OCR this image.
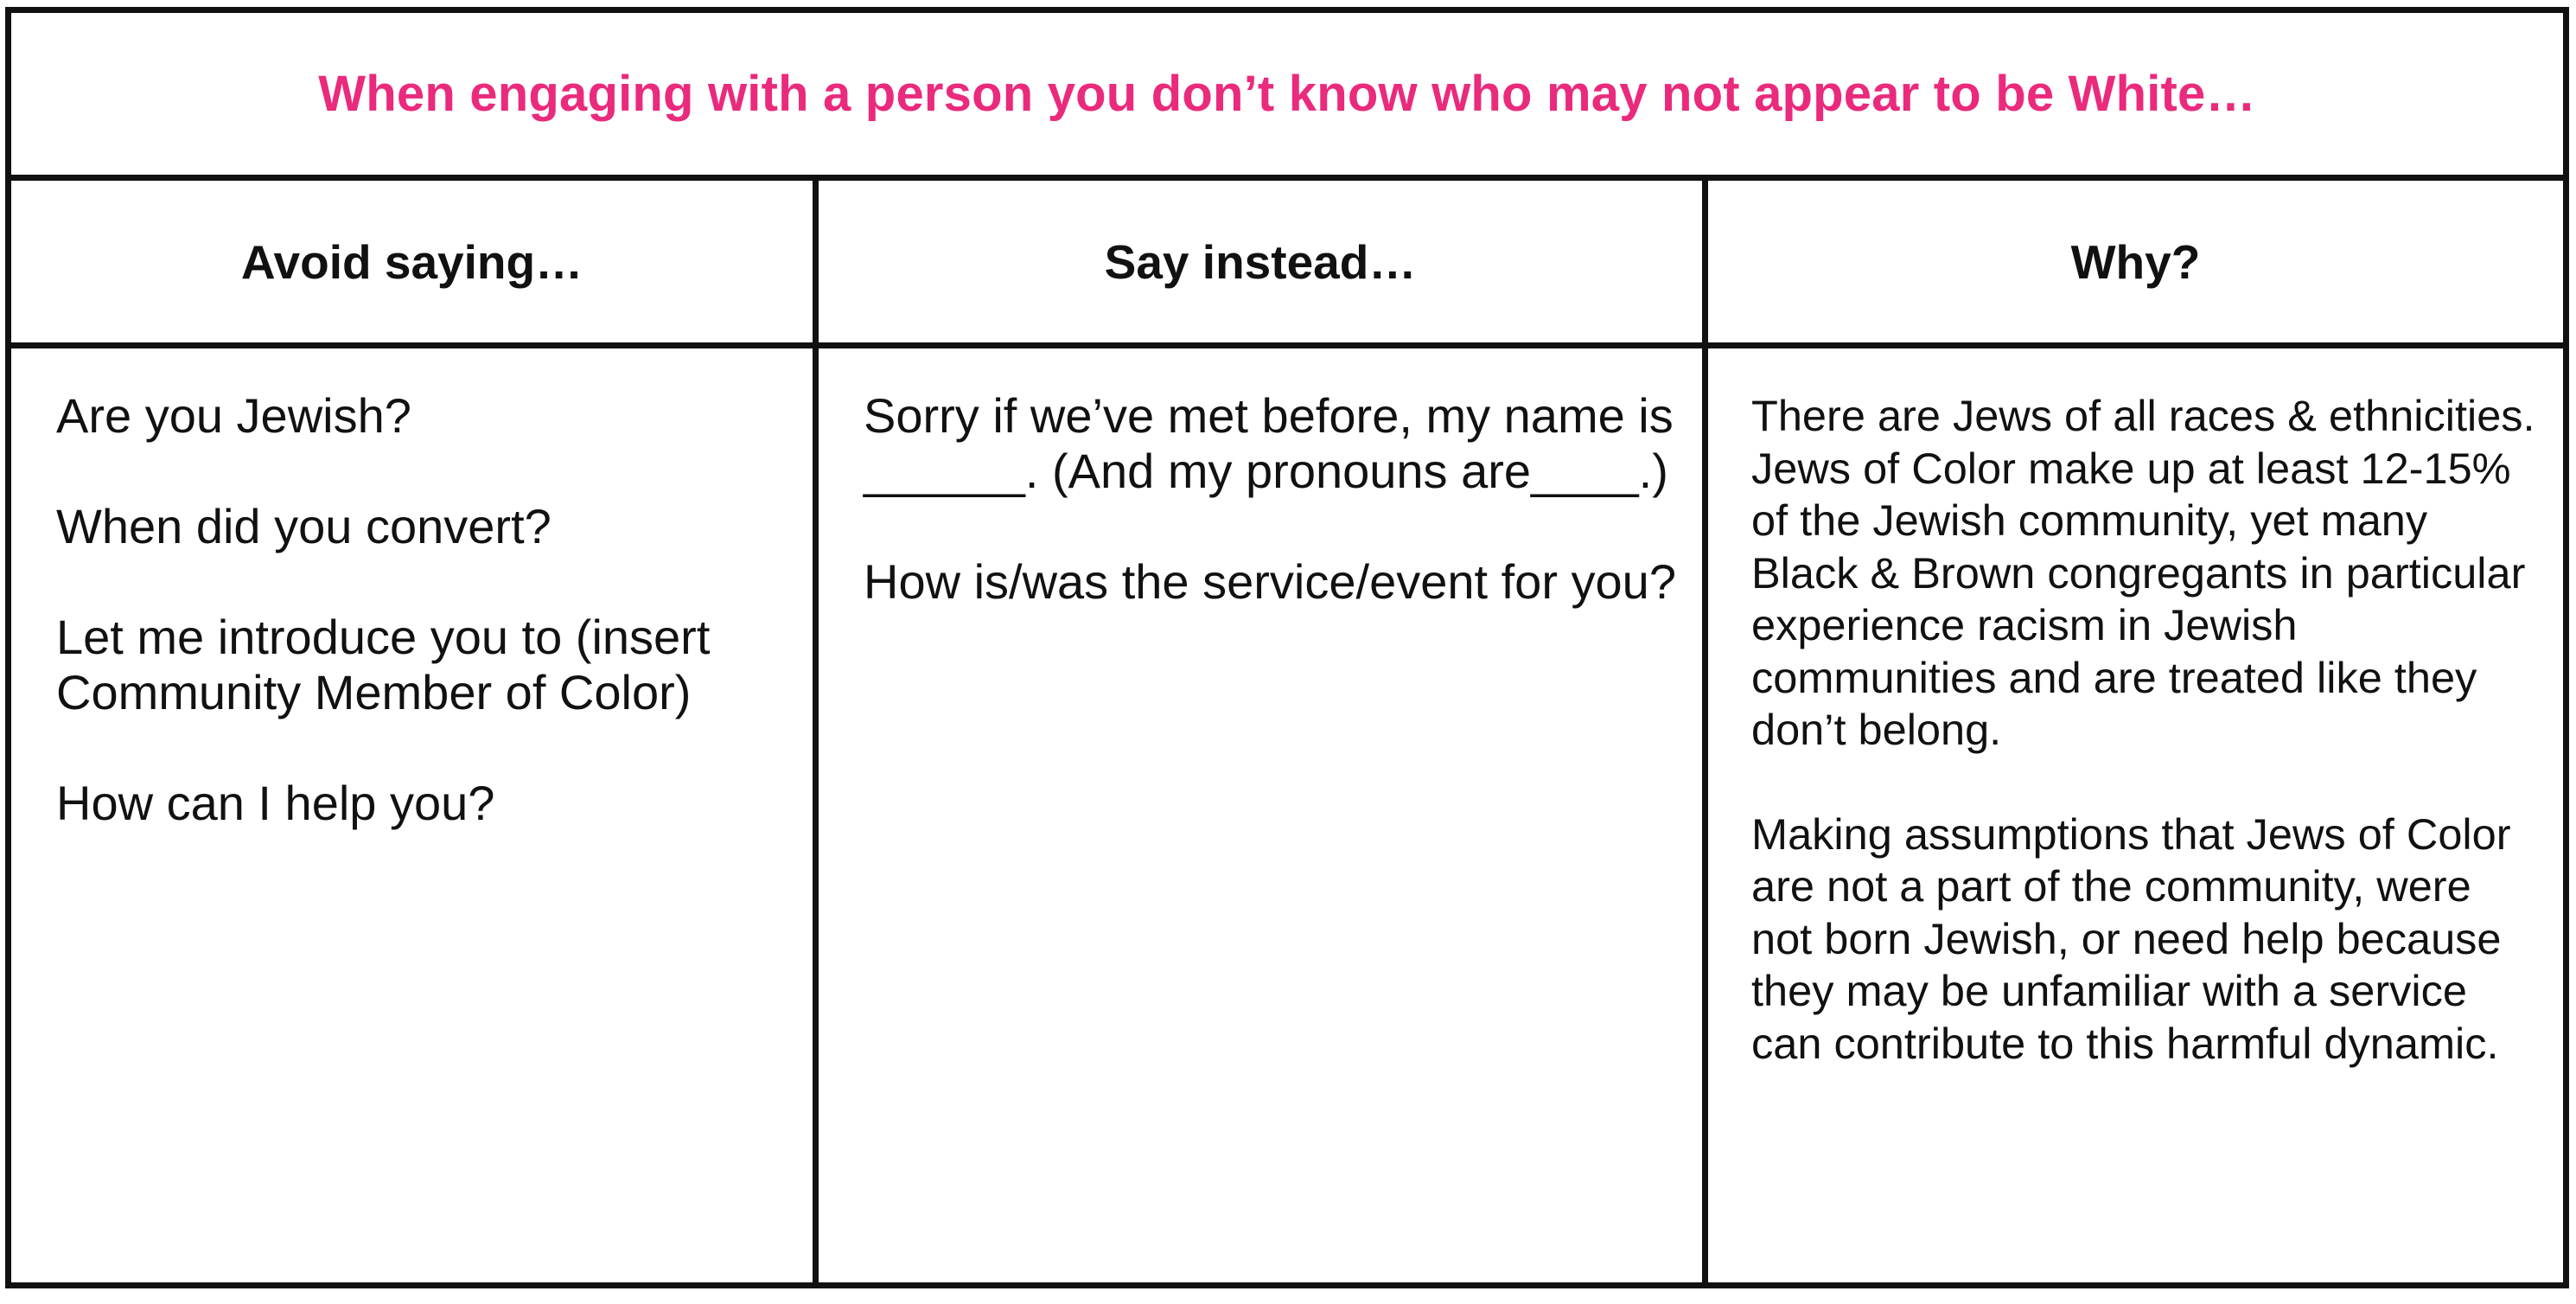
When engaging with a person you don’t know who may not appear to be White…
Avoid saying…

Are you Jewish?

When did you convert?

Let me introduce you to (insert Community Member of Color)

How can I help you?

Say instead…

Sorry if we’ve met before, my name is ______. (And my pronouns are____.)

How is/was the service/event for you?

Why?

There are Jews of all races & ethnicities. Jews of Color make up at least 12-15% of the Jewish community, yet many Black & Brown congregants in particular experience racism in Jewish communities and are treated like they don’t belong.

Making assumptions that Jews of Color are not a part of the community, were not born Jewish, or need help because they may be unfamiliar with a service can contribute to this harmful dynamic.
